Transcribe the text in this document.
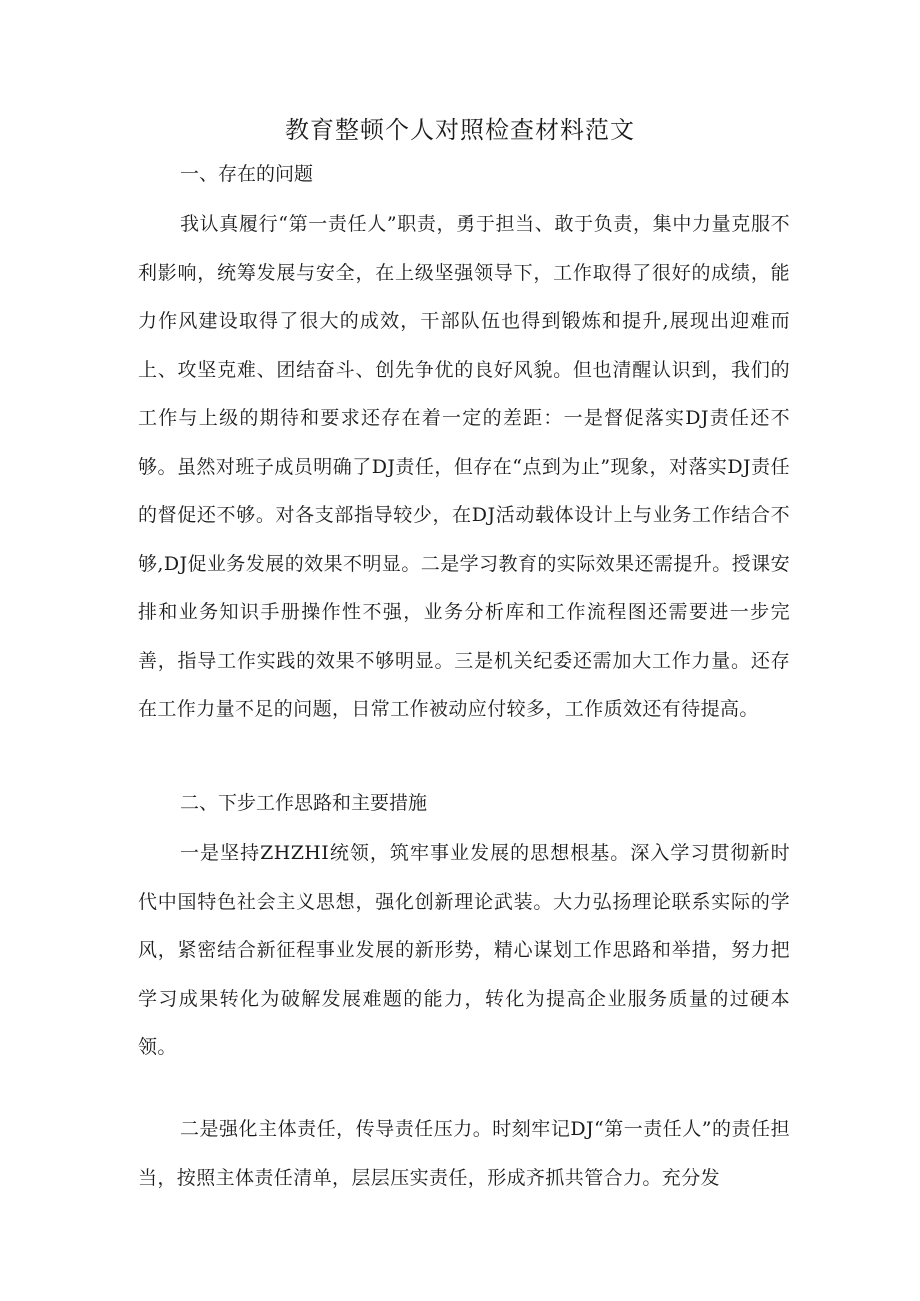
教育整顿个人对照检查材料范文
一、存在的问题

我认真履行“第一责任人”职责，勇于担当、敢于负责，集中力量克服不利影响，统筹发展与安全，在上级坚强领导下，工作取得了很好的成绩，能力作风建设取得了很大的成效，干部队伍也得到锻炼和提升,展现出迎难而上、攻坚克难、团结奋斗、创先争优的良好风貌。但也清醒认识到，我们的工作与上级的期待和要求还存在着一定的差距：一是督促落实DJ责任还不够。虽然对班子成员明确了DJ责任，但存在“点到为止”现象，对落实DJ责任的督促还不够。对各支部指导较少，在DJ活动载体设计上与业务工作结合不够,DJ促业务发展的效果不明显。二是学习教育的实际效果还需提升。授课安排和业务知识手册操作性不强，业务分析库和工作流程图还需要进一步完善，指导工作实践的效果不够明显。三是机关纪委还需加大工作力量。还存在工作力量不足的问题，日常工作被动应付较多，工作质效还有待提高。

二、下步工作思路和主要措施

一是坚持ZHZHI统领，筑牢事业发展的思想根基。深入学习贯彻新时代中国特色社会主义思想，强化创新理论武装。大力弘扬理论联系实际的学风，紧密结合新征程事业发展的新形势，精心谋划工作思路和举措，努力把学习成果转化为破解发展难题的能力，转化为提高企业服务质量的过硬本领。

二是强化主体责任，传导责任压力。时刻牢记DJ“第一责任人”的责任担当，按照主体责任清单，层层压实责任，形成齐抓共管合力。充分发
